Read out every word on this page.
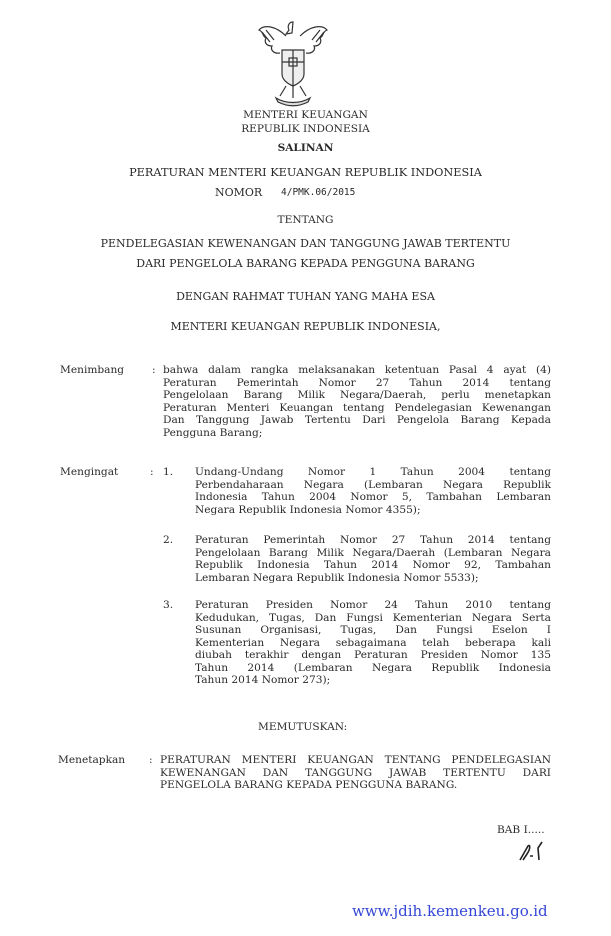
MENTERI KEUANGAN
REPUBLIK INDONESIA
SALINAN
PERATURAN MENTERI KEUANGAN REPUBLIK INDONESIA
NOMOR 4/PMK.06/2015
TENTANG
PENDELEGASIAN KEWENANGAN DAN TANGGUNG JAWAB TERTENTU
DARI PENGELOLA BARANG KEPADA PENGGUNA BARANG
DENGAN RAHMAT TUHAN YANG MAHA ESA
MENTERI KEUANGAN REPUBLIK INDONESIA,
Menimbang	: bahwa dalam rangka melaksanakan ketentuan Pasal 4 ayat (4)
Peraturan Pemerintah Nomor 27 Tahun 2014 tentang
Pengelolaan Barang Milik Negara/Daerah, perlu menetapkan
Peraturan Menteri Keuangan tentang Pendelegasian Kewenangan
Dan Tanggung Jawab Tertentu Dari Pengelola Barang Kepada
Pengguna Barang;
Mengingat	: 1. Undang-Undang Nomor 1 Tahun 2004 tentang
Perbendaharaan Negara (Lembaran Negara Republik
Indonesia Tahun 2004 Nomor 5, Tambahan Lembaran
Negara Republik Indonesia Nomor 4355);
2. Peraturan Pemerintah Nomor 27 Tahun 2014 tentang
Pengelolaan Barang Milik Negara/Daerah (Lembaran Negara
Republik Indonesia Tahun 2014 Nomor 92, Tambahan
Lembaran Negara Republik Indonesia Nomor 5533);
3. Peraturan Presiden Nomor 24 Tahun 2010 tentang
Kedudukan, Tugas, Dan Fungsi Kementerian Negara Serta
Susunan Organisasi, Tugas, Dan Fungsi Eselon I
Kementerian Negara sebagaimana telah beberapa kali
diubah terakhir dengan Peraturan Presiden Nomor 135
Tahun 2014 (Lembaran Negara Republik Indonesia
Tahun 2014 Nomor 273);
MEMUTUSKAN:
Menetapkan : PERATURAN MENTERI KEUANGAN TENTANG PENDELEGASIAN
KEWENANGAN DAN TANGGUNG JAWAB TERTENTU DARI
PENGELOLA BARANG KEPADA PENGGUNA BARANG.
BAB I.....
www.jdih.kemenkeu.go.id
